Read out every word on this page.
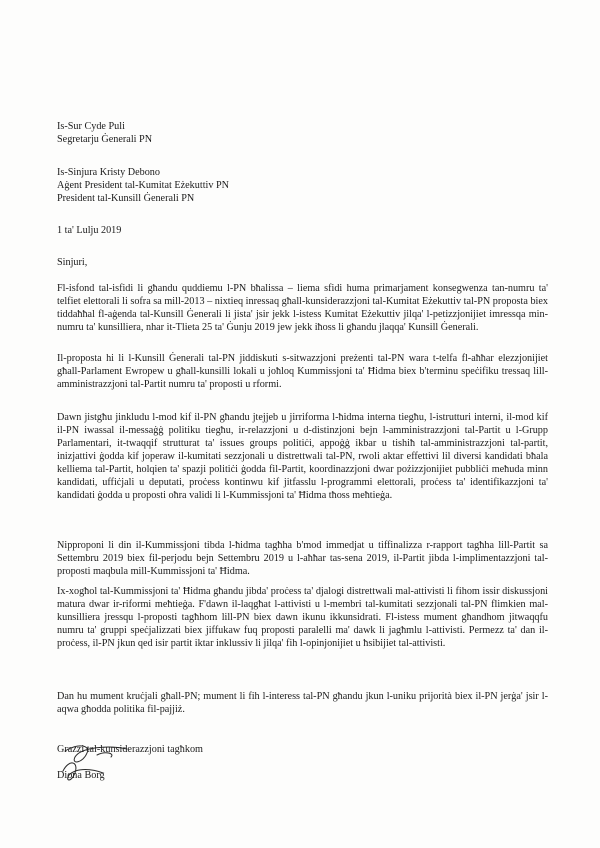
Is-Sur Cyde Puli
Segretarju Ġenerali PN
Is-Sinjura Kristy Debono
Aġent President tal-Kumitat Eżekuttiv PN
President tal-Kunsill Ġenerali PN
1 ta' Lulju 2019
Sinjuri,
Fl-isfond tal-isfidi li għandu quddiemu l-PN bħalissa – liema sfidi huma primarjament konsegwenza tan-numru ta' telfiet elettorali li sofra sa mill-2013 – nixtieq inressaq għall-kunsiderazzjoni tal-Kumitat Eżekuttiv tal-PN proposta biex tiddaħħal fl-aġenda tal-Kunsill Ġenerali li jista' jsir jekk l-istess Kumitat Eżekuttiv jilqa' l-petizzjonijiet imressqa min-numru ta' kunsilliera, nhar it-Tlieta 25 ta' Ġunju 2019 jew jekk iħoss li għandu jlaqqa' Kunsill Ġenerali.
Il-proposta hi li l-Kunsill Ġenerali tal-PN jiddiskuti s-sitwazzjoni preżenti tal-PN wara t-telfa fl-aħħar elezzjonijiet għall-Parlament Ewropew u għall-kunsilli lokali u joħloq Kummissjoni ta' Ħidma biex b'terminu speċifiku tressaq lill-amministrazzjoni tal-Partit numru ta' proposti u rformi.
Dawn jistgħu jinkludu l-mod kif il-PN għandu jtejjeb u jirriforma l-ħidma interna tiegħu, l-istrutturi interni, il-mod kif il-PN iwassal il-messaġġ politiku tiegħu, ir-relazzjoni u d-distinzjoni bejn l-amministrazzjoni tal-Partit u l-Grupp Parlamentari, it-twaqqif strutturat ta' issues groups politiċi, appoġġ ikbar u tishiħ tal-amministrazzjoni tal-partit, inizjattivi ġodda kif joperaw il-kumitati sezzjonali u distrettwali tal-PN, rwoli aktar effettivi lil diversi kandidati bħala kelliema tal-Partit, holqien ta' spazji politiċi ġodda fil-Partit, koordinazzjoni dwar pożizzjonijiet pubbliċi meħuda minn kandidati, uffiċjali u deputati, proċess kontinwu kif jitfasslu l-programmi elettorali, proċess ta' identifikazzjoni ta' kandidati ġodda u proposti oħra validi li l-Kummissjoni ta' Ħidma tħoss meħtieġa.
Nipproponi li din il-Kummissjoni tibda l-ħidma tagħha b'mod immedjat u tiffinalizza r-rapport tagħha lill-Partit sa Settembru 2019 biex fil-perjodu bejn Settembru 2019 u l-aħħar tas-sena 2019, il-Partit jibda l-implimentazzjoni tal-proposti maqbula mill-Kummissjoni ta' Ħidma.
Ix-xogħol tal-Kummissjoni ta' Ħidma għandu jibda' proċess ta' djalogi distrettwali mal-attivisti li fihom issir diskussjoni matura dwar ir-riformi meħtieġa. F'dawn il-laqgħat l-attivisti u l-membri tal-kumitati sezzjonali tal-PN flimkien mal-kunsilliera jressqu l-proposti tagħhom lill-PN biex dawn ikunu ikkunsidrati. Fl-istess mument għandhom jitwaqqfu numru ta' gruppi speċjalizzati biex jiffukaw fuq proposti paralelli ma' dawk li jagħmlu l-attivisti. Permezz ta' dan il-proċess, il-PN jkun qed isir partit iktar inklussiv li jilqa' fih l-opinjonijiet u ħsibijiet tal-attivisti.
Dan hu mument kruċjali għall-PN; mument li fih l-interess tal-PN għandu jkun l-uniku prijorità biex il-PN jerġa' jsir l-aqwa għodda politika fil-pajjiż.
Grazzi tal-kunsiderazzjoni tagħkom
Diona Borg
